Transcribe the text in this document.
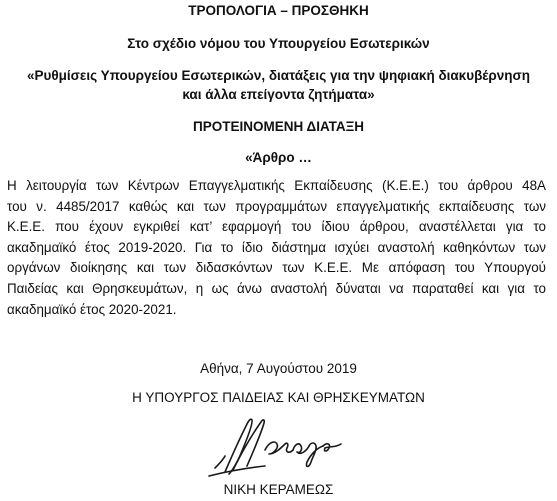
ΤΡΟΠΟΛΟΓΙΑ – ΠΡΟΣΘΗΚΗ
Στο σχέδιο νόμου του Υπουργείου Εσωτερικών
«Ρυθμίσεις Υπουργείου Εσωτερικών, διατάξεις για την ψηφιακή διακυβέρνηση
και άλλα επείγοντα ζητήματα»
ΠΡΟΤΕΙΝΟΜΕΝΗ ΔΙΑΤΑΞΗ
«Άρθρο …
Η λειτουργία των Κέντρων Επαγγελματικής Εκπαίδευσης (Κ.Ε.Ε.) του άρθρου 48Α
του ν. 4485/2017 καθώς και των προγραμμάτων επαγγελματικής εκπαίδευσης των
Κ.Ε.Ε. που έχουν εγκριθεί κατ’ εφαρμογή του ίδιου άρθρου, αναστέλλεται για το
ακαδημαϊκό έτος 2019-2020. Για το ίδιο διάστημα ισχύει αναστολή καθηκόντων των
οργάνων διοίκησης και των διδασκόντων των Κ.Ε.Ε. Με απόφαση του Υπουργού
Παιδείας και Θρησκευμάτων, η ως άνω αναστολή δύναται να παραταθεί και για το
ακαδημαϊκό έτος 2020-2021.
Αθήνα, 7 Αυγούστου 2019
Η ΥΠΟΥΡΓΟΣ ΠΑΙΔΕΙΑΣ ΚΑΙ ΘΡΗΣΚΕΥΜΑΤΩΝ
ΝΙΚΗ ΚΕΡΑΜΕΩΣ
